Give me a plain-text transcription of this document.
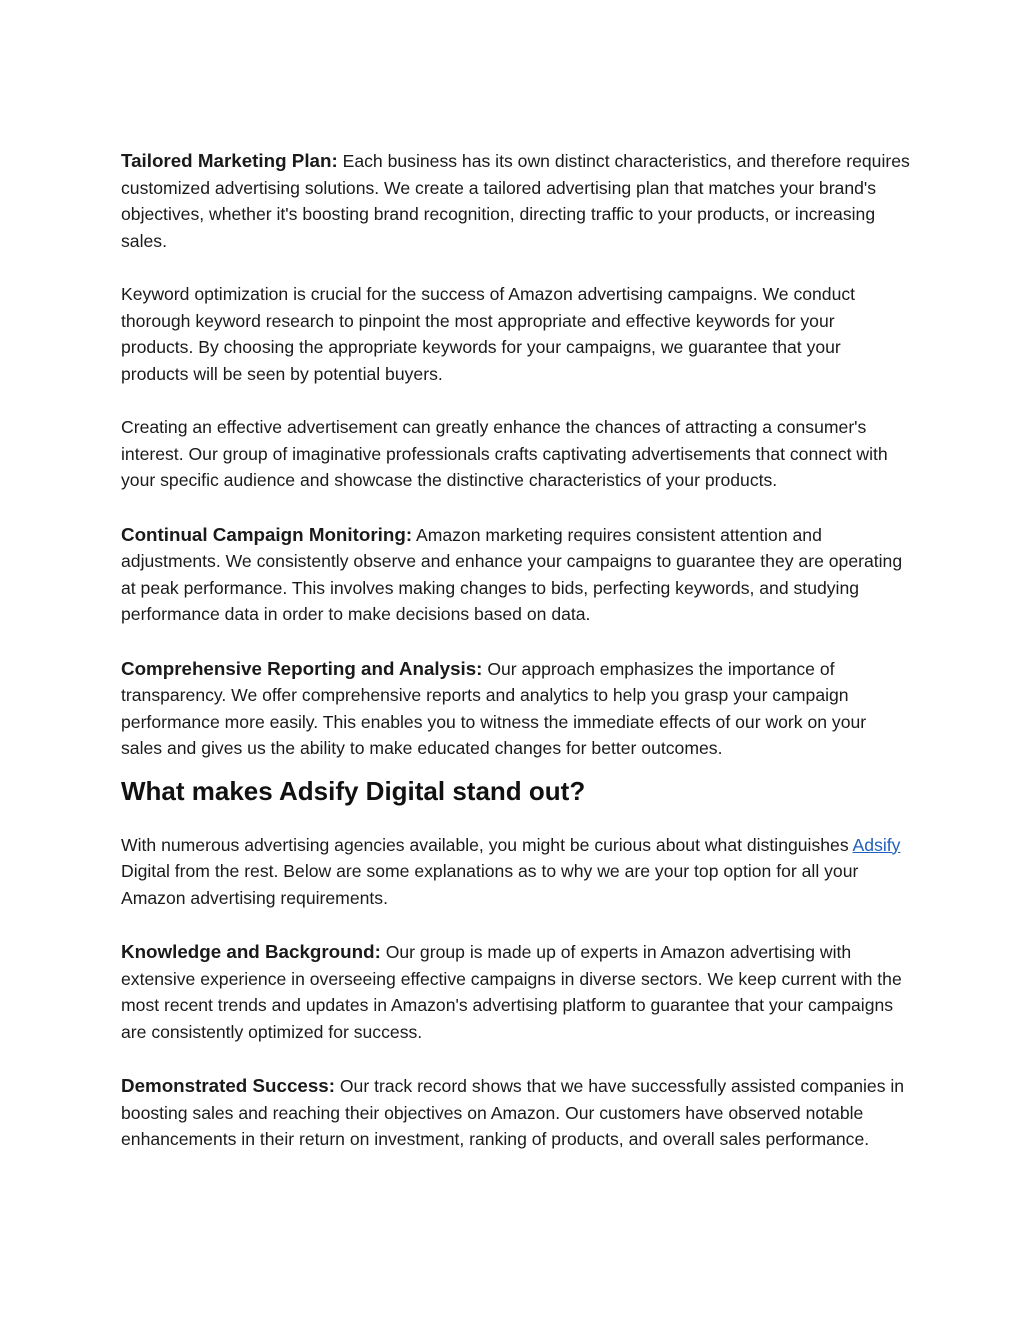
Tailored Marketing Plan: Each business has its own distinct characteristics, and therefore requires customized advertising solutions. We create a tailored advertising plan that matches your brand's objectives, whether it's boosting brand recognition, directing traffic to your products, or increasing sales.

Keyword optimization is crucial for the success of Amazon advertising campaigns. We conduct thorough keyword research to pinpoint the most appropriate and effective keywords for your products. By choosing the appropriate keywords for your campaigns, we guarantee that your products will be seen by potential buyers.

Creating an effective advertisement can greatly enhance the chances of attracting a consumer's interest. Our group of imaginative professionals crafts captivating advertisements that connect with your specific audience and showcase the distinctive characteristics of your products.

Continual Campaign Monitoring: Amazon marketing requires consistent attention and adjustments. We consistently observe and enhance your campaigns to guarantee they are operating at peak performance. This involves making changes to bids, perfecting keywords, and studying performance data in order to make decisions based on data.

Comprehensive Reporting and Analysis: Our approach emphasizes the importance of transparency. We offer comprehensive reports and analytics to help you grasp your campaign performance more easily. This enables you to witness the immediate effects of our work on your sales and gives us the ability to make educated changes for better outcomes.

What makes Adsify Digital stand out?

With numerous advertising agencies available, you might be curious about what distinguishes Adsify Digital from the rest. Below are some explanations as to why we are your top option for all your Amazon advertising requirements.

Knowledge and Background: Our group is made up of experts in Amazon advertising with extensive experience in overseeing effective campaigns in diverse sectors. We keep current with the most recent trends and updates in Amazon's advertising platform to guarantee that your campaigns are consistently optimized for success.

Demonstrated Success: Our track record shows that we have successfully assisted companies in boosting sales and reaching their objectives on Amazon. Our customers have observed notable enhancements in their return on investment, ranking of products, and overall sales performance.
